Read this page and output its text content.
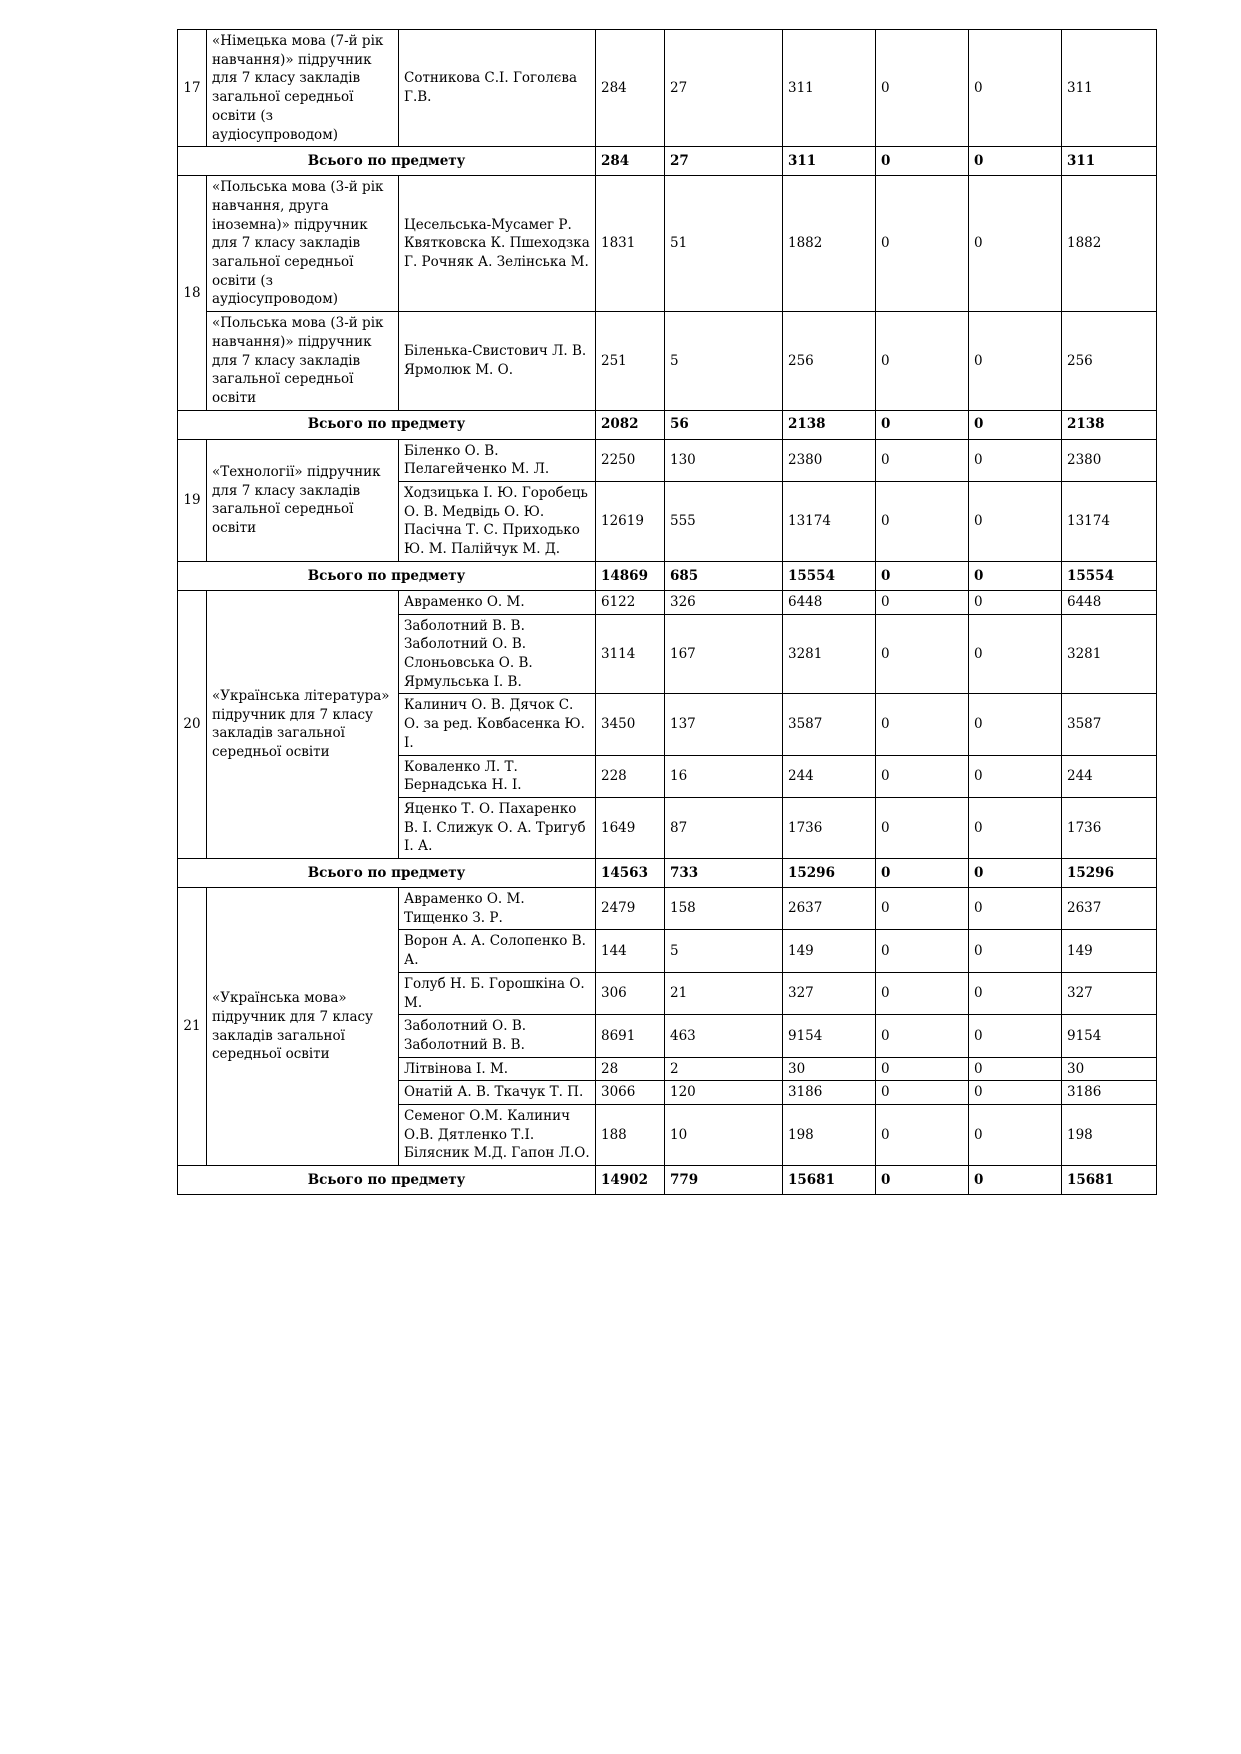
17	«Німецька мова (7-й рік навчання)» підручник для 7 класу закладів загальної середньої освіти (з аудіосупроводом)	Сотникова С.І. Гоголєва Г.В.	284	27	311	0	0	311
Всього по предмету			284	27	311	0	0	311
18	«Польська мова (3-й рік навчання, друга іноземна)» підручник для 7 класу закладів загальної середньої освіти (з аудіосупроводом)	Цесельська-Мусамег Р. Квятковска К. Пшеходзка Г. Рочняк А. Зелінська М.	1831	51	1882	0	0	1882
	«Польська мова (3-й рік навчання)» підручник для 7 класу закладів загальної середньої освіти	Біленька-Свистович Л. В. Ярмолюк М. О.	251	5	256	0	0	256
Всього по предмету			2082	56	2138	0	0	2138
19	«Технології» підручник для 7 класу закладів загальної середньої освіти	Біленко О. В. Пелагейченко М. Л.	2250	130	2380	0	0	2380
		Ходзицька І. Ю. Горобець О. В. Медвідь О. Ю. Пасічна Т. С. Приходько Ю. М. Палійчук М. Д.	12619	555	13174	0	0	13174
Всього по предмету			14869	685	15554	0	0	15554
20	«Українська література» підручник для 7 класу закладів загальної середньої освіти	Авраменко О. М.	6122	326	6448	0	0	6448
		Заболотний В. В. Заболотний О. В. Слоньовська О. В. Ярмульська І. В.	3114	167	3281	0	0	3281
		Калинич О. В. Дячок С. О. за ред. Ковбасенка Ю. І.	3450	137	3587	0	0	3587
		Коваленко Л. Т. Бернадська Н. І.	228	16	244	0	0	244
		Яценко Т. О. Пахаренко В. І. Слижук О. А. Тригуб І. А.	1649	87	1736	0	0	1736
Всього по предмету			14563	733	15296	0	0	15296
21	«Українська мова» підручник для 7 класу закладів загальної середньої освіти	Авраменко О. М. Тищенко З. Р.	2479	158	2637	0	0	2637
		Ворон А. А. Солопенко В. А.	144	5	149	0	0	149
		Голуб Н. Б. Горошкіна О. М.	306	21	327	0	0	327
		Заболотний О. В. Заболотний В. В.	8691	463	9154	0	0	9154
		Літвінова І. М.	28	2	30	0	0	30
		Онатій А. В. Ткачук Т. П.	3066	120	3186	0	0	3186
		Семеног О.М. Калинич О.В. Дятленко Т.І. Білясник М.Д. Гапон Л.О.	188	10	198	0	0	198
Всього по предмету			14902	779	15681	0	0	15681
